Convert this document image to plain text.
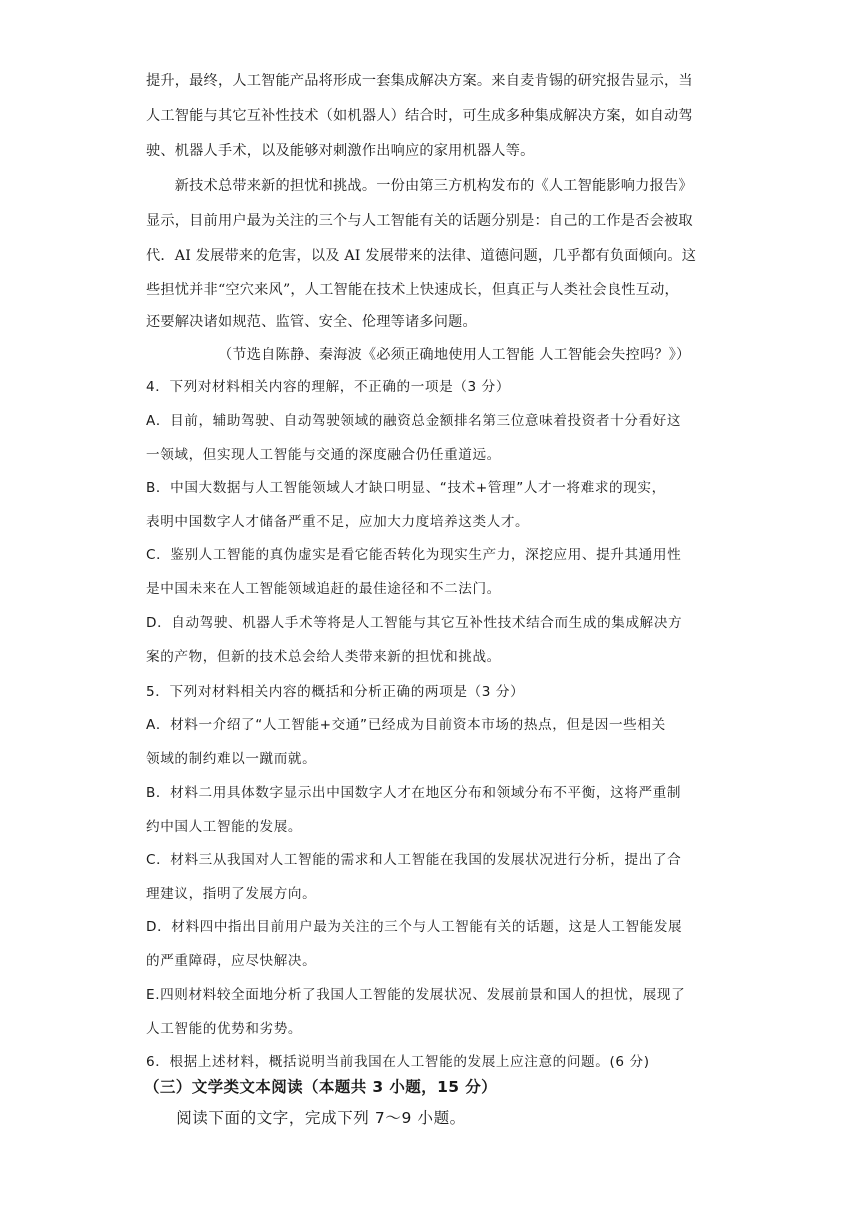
提升，最终，人工智能产品将形成一套集成解决方案。来自麦肯锡的研究报告显示，当
人工智能与其它互补性技术（如机器人）结合时，可生成多种集成解决方案，如自动驾
驶、机器人手术，以及能够对刺激作出响应的家用机器人等。
　　新技术总带来新的担忧和挑战。一份由第三方机构发布的《人工智能影响力报告》
显示，目前用户最为关注的三个与人工智能有关的话题分别是：自己的工作是否会被取
代．AI 发展带来的危害，以及 AI 发展带来的法律、道德问题，几乎都有负面倾向。这
些担忧并非“空穴来风”，人工智能在技术上快速成长，但真正与人类社会良性互动，
还要解决诸如规范、监管、安全、伦理等诸多问题。
（节选自陈静、秦海波《必须正确地使用人工智能 人工智能会失控吗？》）
4．下列对材料相关内容的理解，不正确的一项是（3 分）
A．目前，辅助驾驶、自动驾驶领域的融资总金额排名第三位意味着投资者十分看好这
一领域，但实现人工智能与交通的深度融合仍任重道远。
B．中国大数据与人工智能领域人才缺口明显、“技术+管理”人才一将难求的现实，
表明中国数字人才储备严重不足，应加大力度培养这类人才。
C．鉴别人工智能的真伪虚实是看它能否转化为现实生产力，深挖应用、提升其通用性
是中国未来在人工智能领域追赶的最佳途径和不二法门。
D．自动驾驶、机器人手术等将是人工智能与其它互补性技术结合而生成的集成解决方
案的产物，但新的技术总会给人类带来新的担忧和挑战。
5．下列对材料相关内容的概括和分析正确的两项是（3 分）
A．材料一介绍了“人工智能+交通”已经成为目前资本市场的热点，但是因一些相关
领域的制约难以一蹴而就。
B．材料二用具体数字显示出中国数字人才在地区分布和领域分布不平衡，这将严重制
约中国人工智能的发展。
C．材料三从我国对人工智能的需求和人工智能在我国的发展状况进行分析，提出了合
理建议，指明了发展方向。
D．材料四中指出目前用户最为关注的三个与人工智能有关的话题，这是人工智能发展
的严重障碍，应尽快解决。
E.四则材料较全面地分析了我国人工智能的发展状况、发展前景和国人的担忧，展现了
人工智能的优势和劣势。
6．根据上述材料，概括说明当前我国在人工智能的发展上应注意的问题。(6 分)
（三）文学类文本阅读（本题共 3 小题，15 分）
　　阅读下面的文字，完成下列 7～9 小题。
